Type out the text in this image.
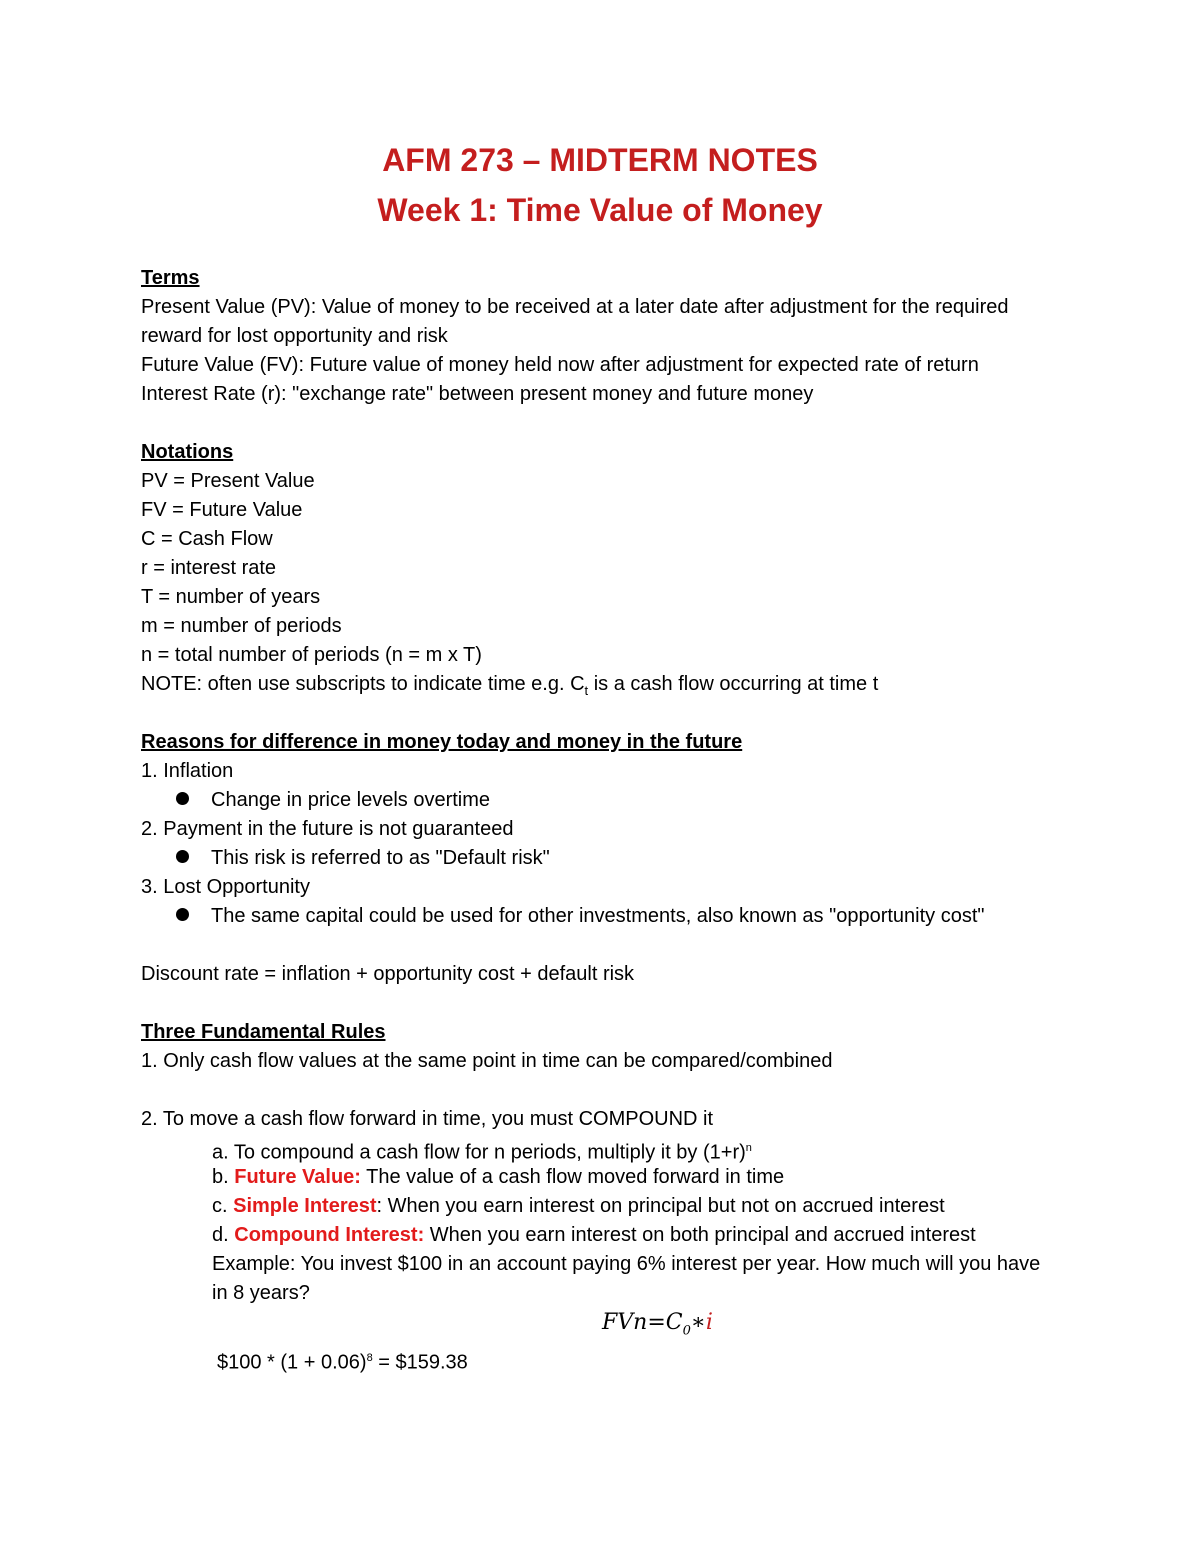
AFM 273 – MIDTERM NOTES
Week 1: Time Value of Money
Terms
Present Value (PV): Value of money to be received at a later date after adjustment for the required
reward for lost opportunity and risk
Future Value (FV): Future value of money held now after adjustment for expected rate of return
Interest Rate (r): "exchange rate" between present money and future money
Notations
PV = Present Value
FV = Future Value
C = Cash Flow
r = interest rate
T = number of years
m = number of periods
n = total number of periods (n = m x T)
NOTE: often use subscripts to indicate time e.g. $C_t$ is a cash flow occurring at time t
Reasons for difference in money today and money in the future
1. Inflation
Change in price levels overtime
2. Payment in the future is not guaranteed
This risk is referred to as "Default risk"
3. Lost Opportunity
The same capital could be used for other investments, also known as "opportunity cost"
Discount rate = inflation + opportunity cost + default risk
Three Fundamental Rules
1. Only cash flow values at the same point in time can be compared/combined
2. To move a cash flow forward in time, you must COMPOUND it
a. To compound a cash flow for n periods, multiply it by $(1+r)^n$
b. Future Value: The value of a cash flow moved forward in time
c. Simple Interest: When you earn interest on principal but not on accrued interest
d. Compound Interest: When you earn interest on both principal and accrued interest
Example: You invest $100 in an account paying 6% interest per year. How much will you have
in 8 years?
$FVn=C_0∗i$
$100 * $(1 + 0.06)^8$ = $159.38
